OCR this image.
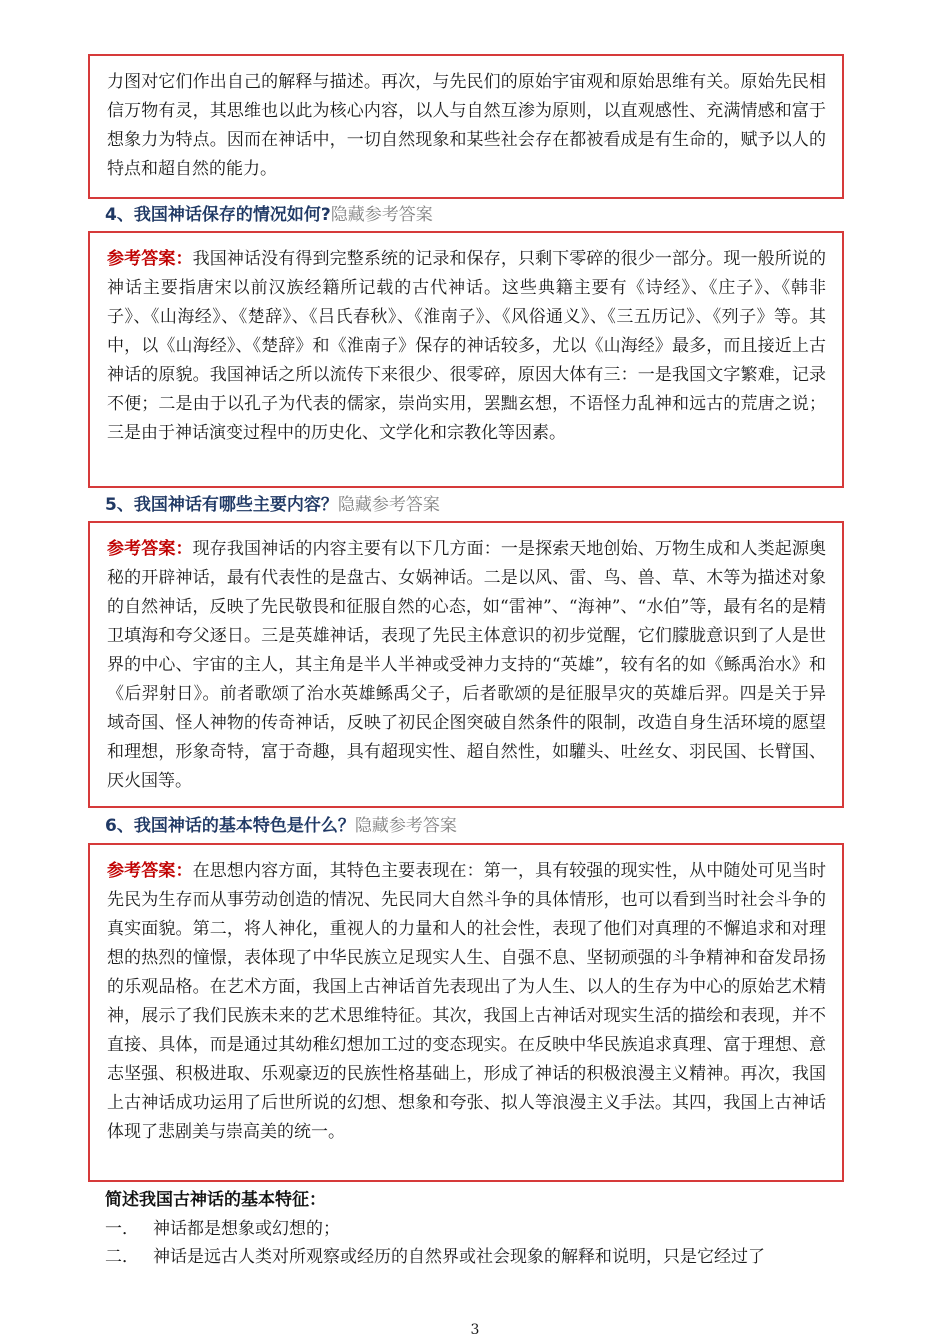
力图对它们作出自己的解释与描述。再次，与先民们的原始宇宙观和原始思维有关。原始先民相信万物有灵，其思维也以此为核心内容，以人与自然互渗为原则，以直观感性、充满情感和富于想象力为特点。因而在神话中，一切自然现象和某些社会存在都被看成是有生命的，赋予以人的特点和超自然的能力。
4、我国神话保存的情况如何?隐藏参考答案
参考答案：我国神话没有得到完整系统的记录和保存，只剩下零碎的很少一部分。现一般所说的神话主要指唐宋以前汉族经籍所记载的古代神话。这些典籍主要有《诗经》、《庄子》、《韩非子》、《山海经》、《楚辞》、《吕氏春秋》、《淮南子》、《风俗通义》、《三五历记》、《列子》等。其中，以《山海经》、《楚辞》和《淮南子》保存的神话较多，尤以《山海经》最多，而且接近上古神话的原貌。我国神话之所以流传下来很少、很零碎，原因大体有三：一是我国文字繁难，记录不便；二是由于以孔子为代表的儒家，崇尚实用，罢黜玄想，不语怪力乱神和远古的荒唐之说；三是由于神话演变过程中的历史化、文学化和宗教化等因素。
5、我国神话有哪些主要内容？隐藏参考答案
参考答案：现存我国神话的内容主要有以下几方面：一是探索天地创始、万物生成和人类起源奥秘的开辟神话，最有代表性的是盘古、女娲神话。二是以风、雷、鸟、兽、草、木等为描述对象的自然神话，反映了先民敬畏和征服自然的心态，如“雷神”、“海神”、“水伯”等，最有名的是精卫填海和夸父逐日。三是英雄神话，表现了先民主体意识的初步觉醒，它们朦胧意识到了人是世界的中心、宇宙的主人，其主角是半人半神或受神力支持的“英雄”，较有名的如《鲧禹治水》和《后羿射日》。前者歌颂了治水英雄鲧禹父子，后者歌颂的是征服旱灾的英雄后羿。四是关于异域奇国、怪人神物的传奇神话，反映了初民企图突破自然条件的限制，改造自身生活环境的愿望和理想，形象奇特，富于奇趣，具有超现实性、超自然性，如驩头、吐丝女、羽民国、长臂国、厌火国等。
6、我国神话的基本特色是什么？隐藏参考答案
参考答案：在思想内容方面，其特色主要表现在：第一，具有较强的现实性，从中随处可见当时先民为生存而从事劳动创造的情况、先民同大自然斗争的具体情形，也可以看到当时社会斗争的真实面貌。第二，将人神化，重视人的力量和人的社会性，表现了他们对真理的不懈追求和对理想的热烈的憧憬，表体现了中华民族立足现实人生、自强不息、坚韧顽强的斗争精神和奋发昂扬的乐观品格。在艺术方面，我国上古神话首先表现出了为人生、以人的生存为中心的原始艺术精神，展示了我们民族未来的艺术思维特征。其次，我国上古神话对现实生活的描绘和表现，并不直接、具体，而是通过其幼稚幻想加工过的变态现实。在反映中华民族追求真理、富于理想、意志坚强、积极进取、乐观豪迈的民族性格基础上，形成了神话的积极浪漫主义精神。再次，我国上古神话成功运用了后世所说的幻想、想象和夸张、拟人等浪漫主义手法。其四，我国上古神话体现了悲剧美与崇高美的统一。
简述我国古神话的基本特征：
一． 神话都是想象或幻想的；
二． 神话是远古人类对所观察或经历的自然界或社会现象的解释和说明，只是它经过了
3
